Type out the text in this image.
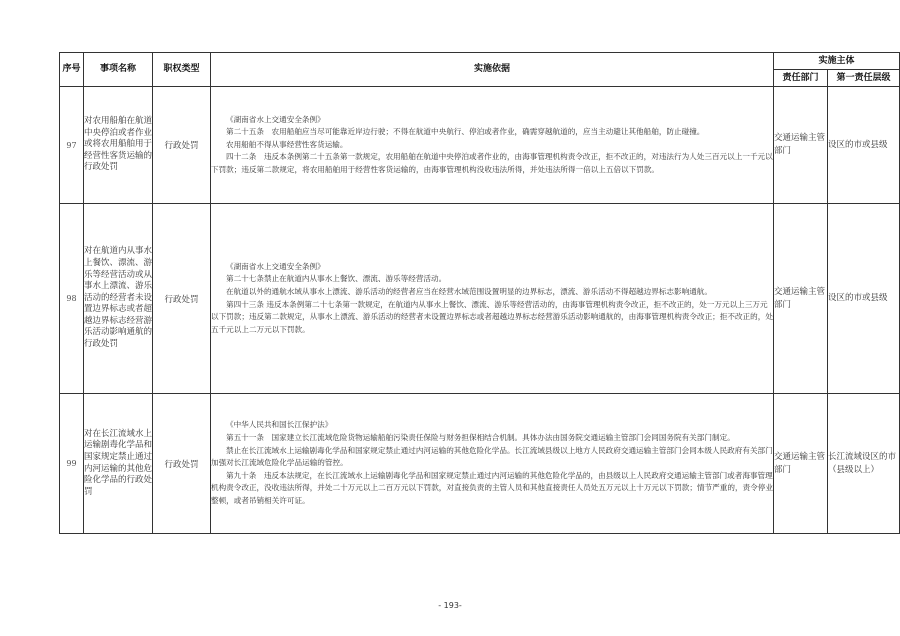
序号	事项名称	职权类型	实施依据	实施主体	
				责任部门	第一责任层级
97	对农用船舶在航道中央停泊或者作业或将农用船舶用于经营性客货运输的行政处罚	行政处罚	《湖南省水上交通安全条例》

第二十五条　农用船舶应当尽可能靠近岸边行驶；不得在航道中央航行、停泊或者作业，确需穿越航道的，应当主动避让其他船舶，防止碰撞。

农用船舶不得从事经营性客货运输。

四十二条　违反本条例第二十五条第一款规定，农用船舶在航道中央停泊或者作业的，由海事管理机构责令改正，拒不改正的，对违法行为人处三百元以上一千元以下罚款；违反第二款规定，将农用船舶用于经营性客货运输的，由海事管理机构没收违法所得，并处违法所得一倍以上五倍以下罚款。	交通运输主管部门	设区的市或县级
98	对在航道内从事水上餐饮、漂流、游乐等经营活动或从事水上漂流、游乐活动的经营者未设置边界标志或者超越边界标志经营游乐活动影响通航的行政处罚	行政处罚	《湖南省水上交通安全条例》

第二十七条禁止在航道内从事水上餐饮、漂流、游乐等经营活动。

在航道以外的通航水域从事水上漂流、游乐活动的经营者应当在经营水域范围设置明显的边界标志，漂流、游乐活动不得超越边界标志影响通航。

第四十三条 违反本条例第二十七条第一款规定，在航道内从事水上餐饮、漂流、游乐等经营活动的，由海事管理机构责令改正，拒不改正的，处一万元以上三万元以下罚款；违反第二款规定，从事水上漂流、游乐活动的经营者未设置边界标志或者超越边界标志经营游乐活动影响通航的，由海事管理机构责令改正；拒不改正的，处五千元以上二万元以下罚款。	交通运输主管部门	设区的市或县级
99	对在长江流域水上运输剧毒化学品和国家规定禁止通过内河运输的其他危险化学品的行政处罚	行政处罚	《中华人民共和国长江保护法》

第五十一条　国家建立长江流域危险货物运输船舶污染责任保险与财务担保相结合机制。具体办法由国务院交通运输主管部门会同国务院有关部门制定。

禁止在长江流域水上运输剧毒化学品和国家规定禁止通过内河运输的其他危险化学品。长江流域县级以上地方人民政府交通运输主管部门会同本级人民政府有关部门加强对长江流域危险化学品运输的管控。

第九十条　违反本法规定，在长江流域水上运输剧毒化学品和国家规定禁止通过内河运输的其他危险化学品的，由县级以上人民政府交通运输主管部门或者海事管理机构责令改正，没收违法所得，并处二十万元以上二百万元以下罚款，对直接负责的主管人员和其他直接责任人员处五万元以上十万元以下罚款；情节严重的，责令停业整顿，或者吊销相关许可证。	交通运输主管部门	长江流域设区的市（县级以上）
- 193-
